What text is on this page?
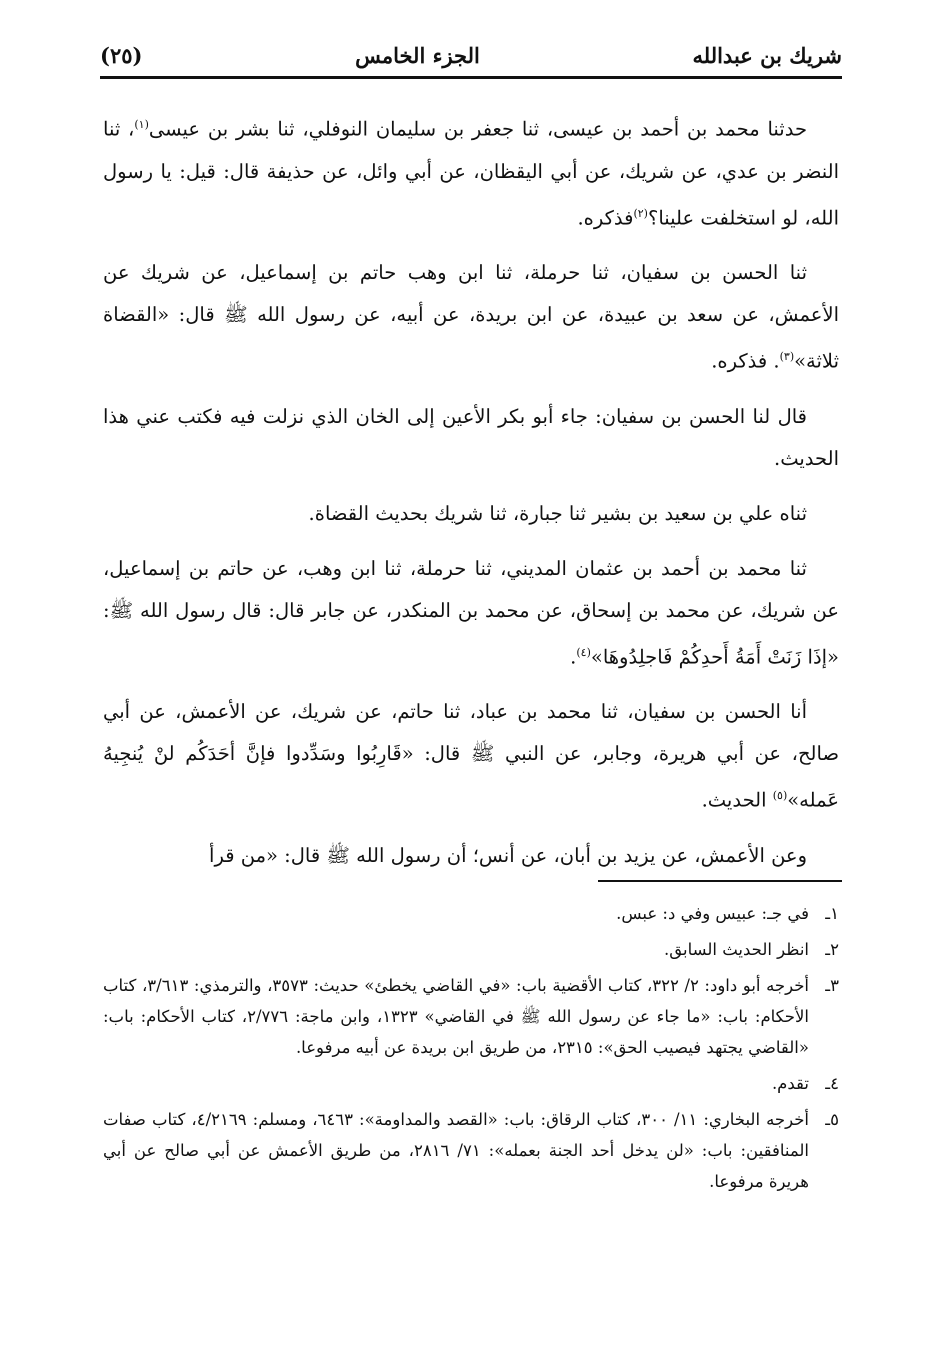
شريك بن عبدالله
الجزء الخامس
(٢٥)

حدثنا محمد بن أحمد بن عيسى، ثنا جعفر بن سليمان النوفلي، ثنا بشر بن عيسى$^{(١)}$، ثنا النضر بن عدي، عن شريك، عن أبي اليقظان، عن أبي وائل، عن حذيفة قال: قيل: يا رسول الله، لو استخلفت علينا؟$^{(٢)}$فذكره.

ثنا الحسن بن سفيان، ثنا حرملة، ثنا ابن وهب حاتم بن إسماعيل، عن شريك عن الأعمش، عن سعد بن عبيدة، عن ابن بريدة، عن أبيه، عن رسول الله ﷺ قال: «القضاة ثلاثة»$^{(٣)}$. فذكره.

قال لنا الحسن بن سفيان: جاء أبو بكر الأعين إلى الخان الذي نزلت فيه فكتب عني هذا الحديث.

ثناه علي بن سعيد بن بشير ثنا جبارة، ثنا شريك بحديث القضاة.

ثنا محمد بن أحمد بن عثمان المديني، ثنا حرملة، ثنا ابن وهب، عن حاتم بن إسماعيل، عن شريك، عن محمد بن إسحاق، عن محمد بن المنكدر، عن جابر قال: قال رسول الله ﷺ: «إذَا زَنَتْ أَمَةُ أَحدِكُمْ فَاجلِدُوهَا»$^{(٤)}$.

أنا الحسن بن سفيان، ثنا محمد بن عباد، ثنا حاتم، عن شريك، عن الأعمش، عن أبي صالح، عن أبي هريرة، وجابر، عن النبي ﷺ قال: «قَارِبُوا وسَدِّدوا فإنَّ أحَدَكُم لنْ يُنجِيهُ عَمله»$^{(٥)}$ الحديث.

وعن الأعمش، عن يزيد بن أبان، عن أنس؛ أن رسول الله ﷺ قال: «من قرأ

١ـفي جـ: عبيس وفي د: عبس.
٢ـانظر الحديث السابق.
٣ـأخرجه أبو داود: ٢/ ٣٢٢، كتاب الأقضية باب: «في القاضي يخطئ» حديث: ٣٥٧٣، والترمذي: ٣/٦١٣، كتاب الأحكام: باب: «ما جاء عن رسول الله ﷺ في القاضي» ١٣٢٣، وابن ماجة: ٢/٧٧٦، كتاب الأحكام: باب: «القاضي يجتهد فيصيب الحق»: ٢٣١٥، من طريق ابن بريدة عن أبيه مرفوعا.
٤ـتقدم.
٥ـأخرجه البخاري: ١١/ ٣٠٠، كتاب الرقاق: باب: «القصد والمداومة»: ٦٤٦٣، ومسلم: ٤/٢١٦٩، كتاب صفات المنافقين: باب: «لن يدخل أحد الجنة بعمله»: ٧١/ ٢٨١٦، من طريق الأعمش عن أبي صالح عن أبي هريرة مرفوعا.
